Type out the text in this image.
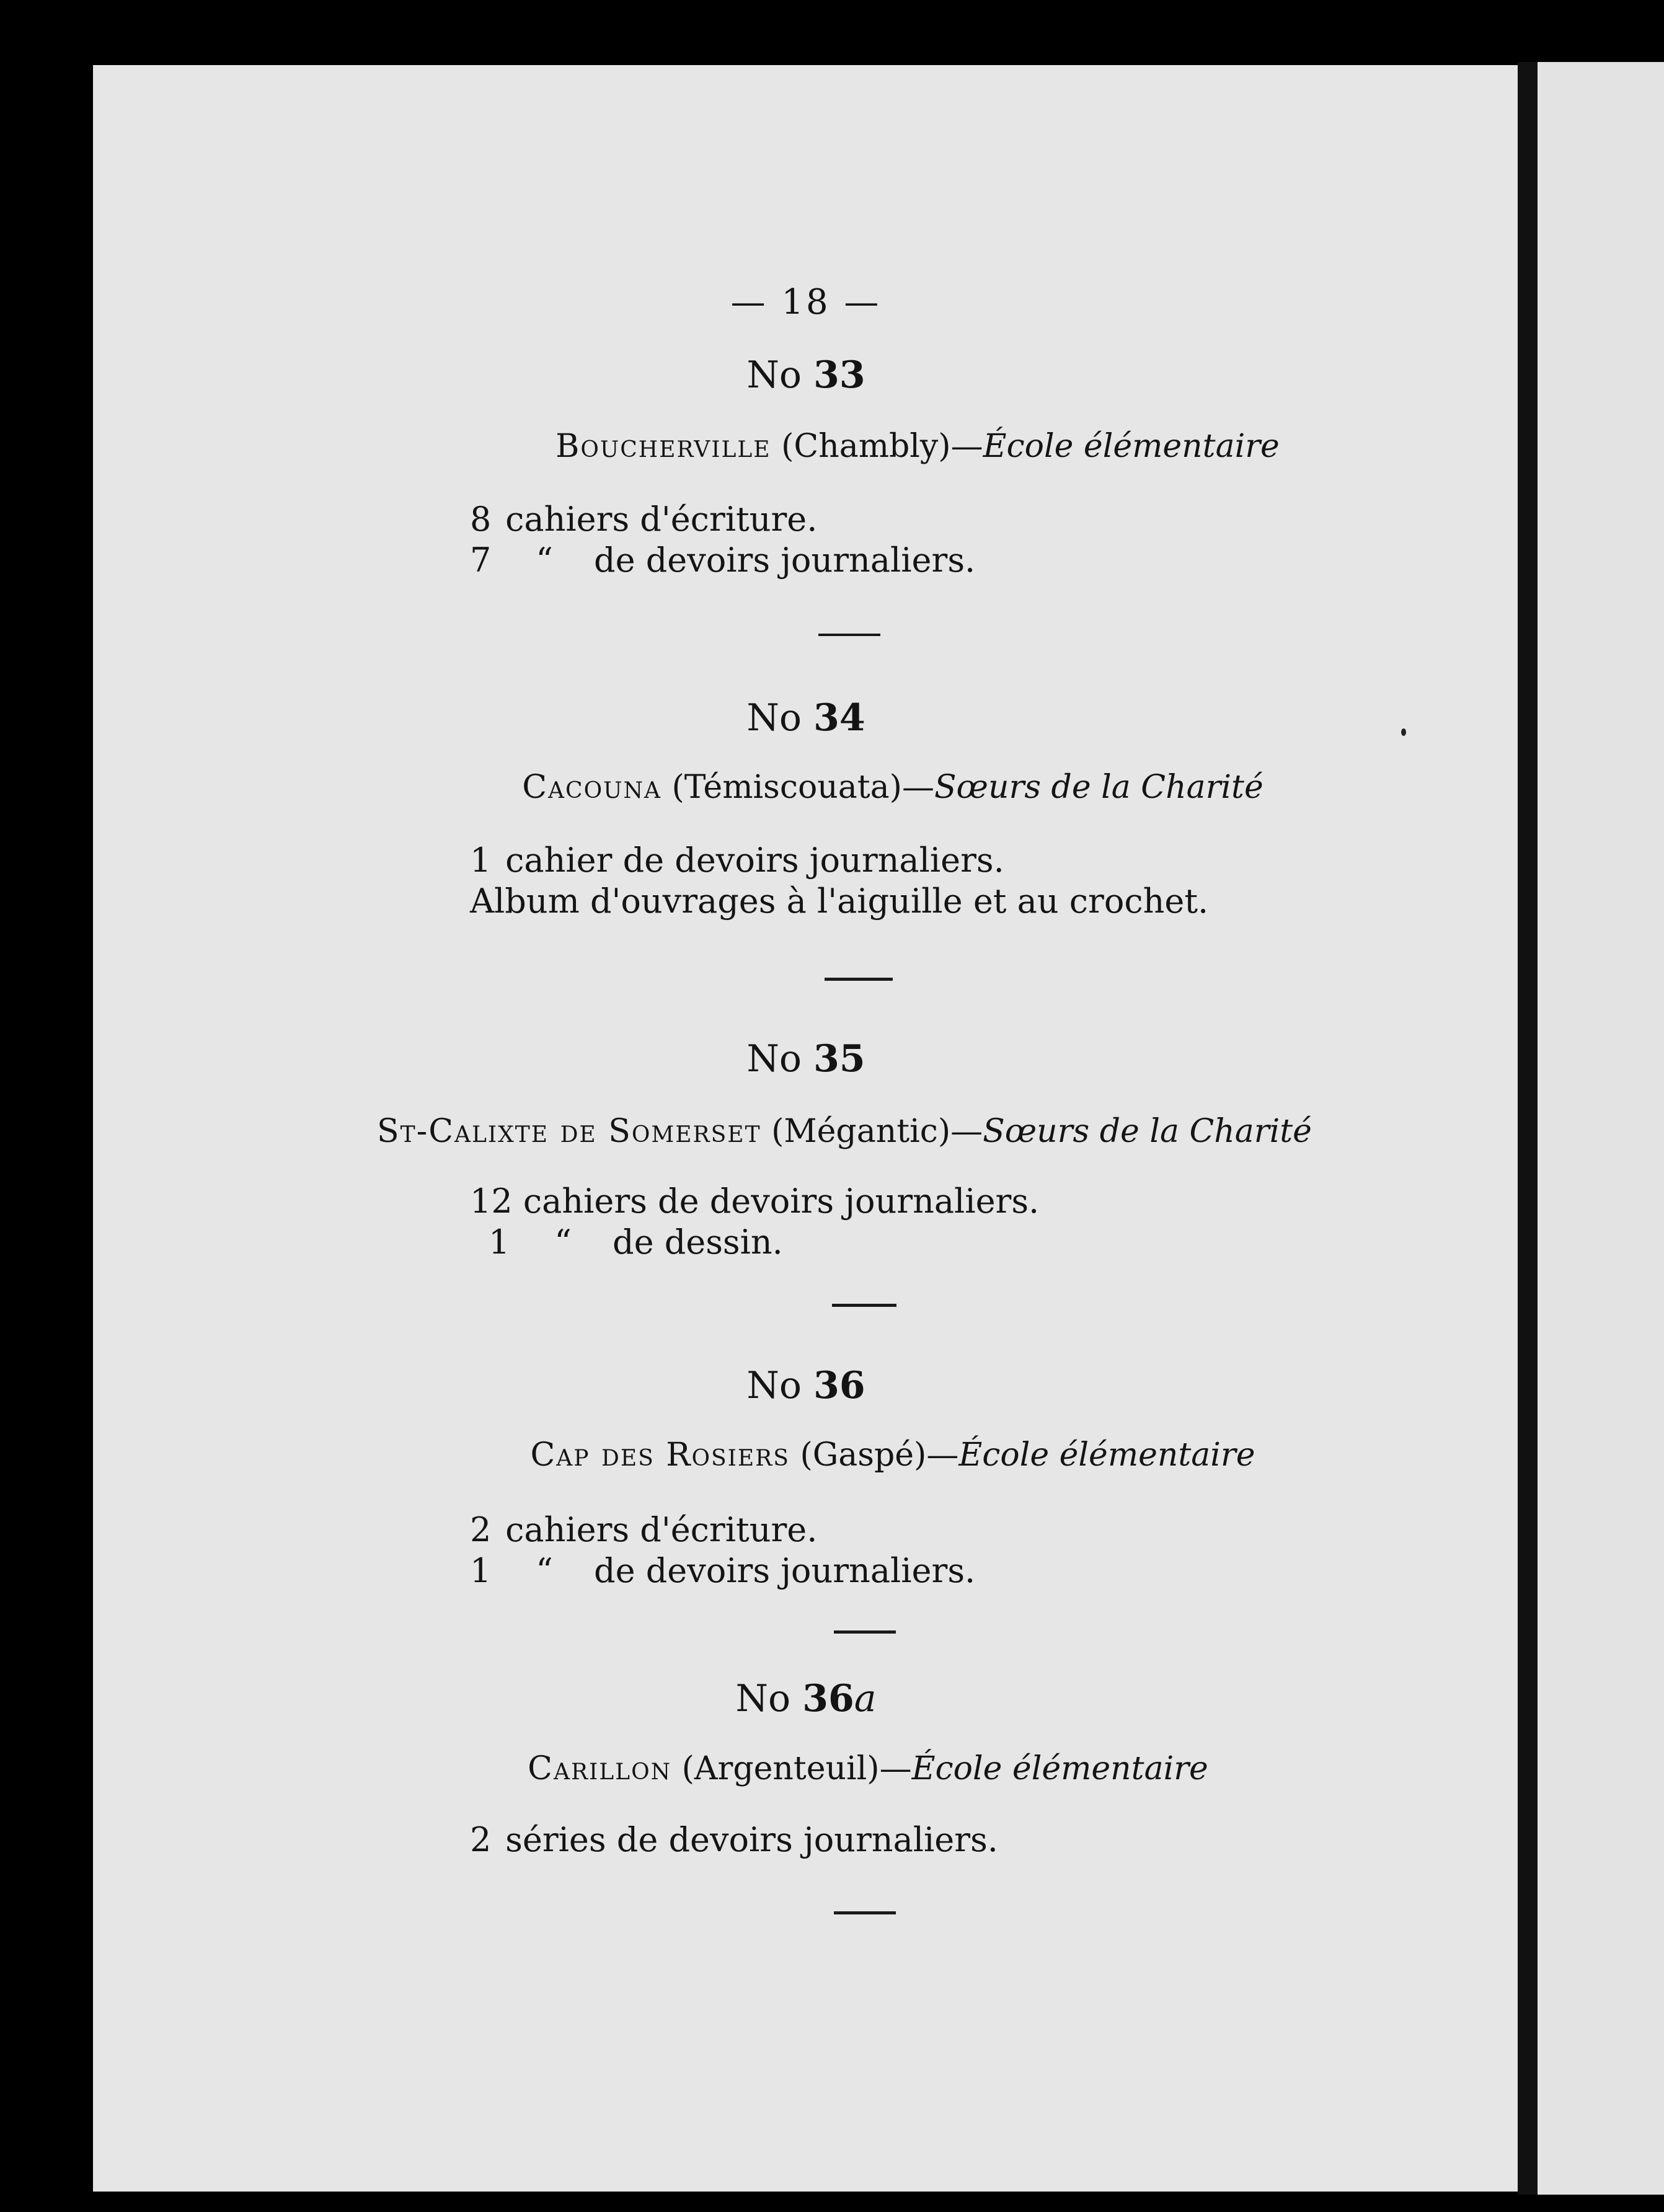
— 18 —
No 33
Boucherville (Chambly)—École élémentaire
8 cahiers d'écriture.
7 “ de devoirs journaliers.
No 34
Cacouna (Témiscouata)—Sœurs de la Charité
1 cahier de devoirs journaliers.
Album d'ouvrages à l'aiguille et au crochet.
No 35
St-Calixte de Somerset (Mégantic)—Sœurs de la Charité
12 cahiers de devoirs journaliers.
1 “ de dessin.
No 36
Cap des Rosiers (Gaspé)—École élémentaire
2 cahiers d'écriture.
1 “ de devoirs journaliers.
No 36a
Carillon (Argenteuil)—École élémentaire
2 séries de devoirs journaliers.
